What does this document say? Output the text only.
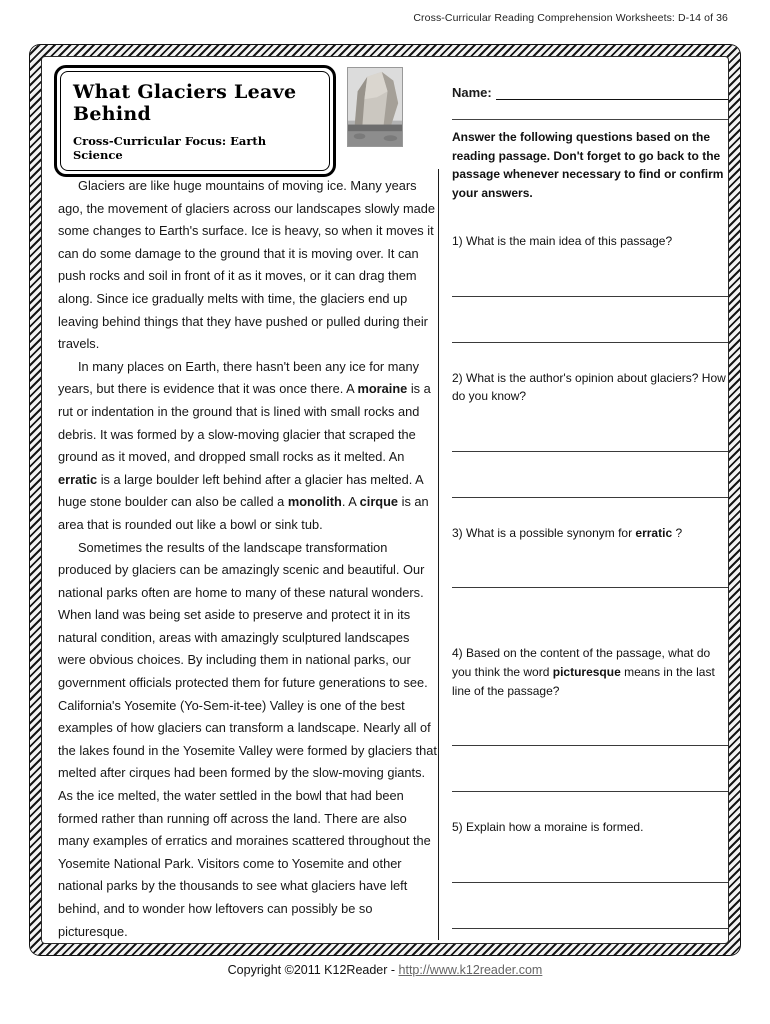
Cross-Curricular Reading Comprehension Worksheets: D-14 of 36
What Glaciers Leave Behind
Cross-Curricular Focus: Earth Science
Name:
Answer the following questions based on the reading passage. Don't forget to go back to the passage whenever necessary to find or confirm your answers.
Glaciers are like huge mountains of moving ice. Many years ago, the movement of glaciers across our landscapes slowly made some changes to Earth's surface. Ice is heavy, so when it moves it can do some damage to the ground that it is moving over. It can push rocks and soil in front of it as it moves, or it can drag them along. Since ice gradually melts with time, the glaciers end up leaving behind things that they have pushed or pulled during their travels.
In many places on Earth, there hasn't been any ice for many years, but there is evidence that it was once there. A moraine is a rut or indentation in the ground that is lined with small rocks and debris. It was formed by a slow-moving glacier that scraped the ground as it moved, and dropped small rocks as it melted. An erratic is a large boulder left behind after a glacier has melted. A huge stone boulder can also be called a monolith. A cirque is an area that is rounded out like a bowl or sink tub.
Sometimes the results of the landscape transformation produced by glaciers can be amazingly scenic and beautiful. Our national parks often are home to many of these natural wonders. When land was being set aside to preserve and protect it in its natural condition, areas with amazingly sculptured landscapes were obvious choices. By including them in national parks, our government officials protected them for future generations to see. California's Yosemite (Yo-Sem-it-tee) Valley is one of the best examples of how glaciers can transform a landscape. Nearly all of the lakes found in the Yosemite Valley were formed by glaciers that melted after cirques had been formed by the slow-moving giants. As the ice melted, the water settled in the bowl that had been formed rather than running off across the land. There are also many examples of erratics and moraines scattered throughout the Yosemite National Park. Visitors come to Yosemite and other national parks by the thousands to see what glaciers have left behind, and to wonder how leftovers can possibly be so picturesque.
1) What is the main idea of this passage?
2) What is the author's opinion about glaciers? How do you know?
3) What is a possible synonym for erratic ?
4) Based on the content of the passage, what do you think the word picturesque means in the last line of the passage?
5) Explain how a moraine is formed.
Copyright ©2011 K12Reader - http://www.k12reader.com
